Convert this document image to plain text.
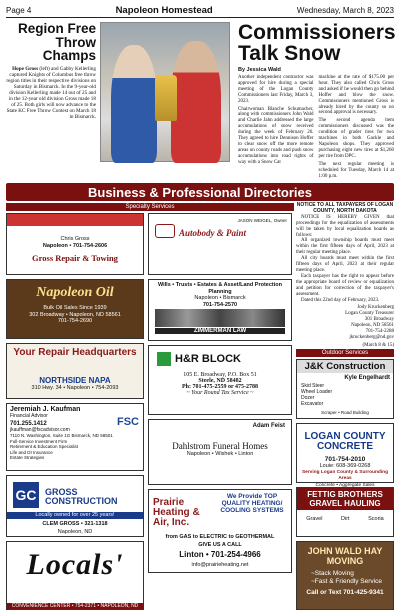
Page 4	Napoleon Homestead	Wednesday, March 8, 2023
Region Free Throw Champs

Hope Gross (left) and Gabby Kellerling captured Knights of Columbus free throw region titles in their respective divisions on Saturday in Bismarck. In the 9-year-old division Kellerling made 14 out of 25 and in the 12-year old division Gross made 18 of 25. Both girls will now advance to the State KC Free Throw Contest on March 18 in Bismarck.

Commissioners Talk Snow
By Jessica Wald

Another independent contractor was approved for hire during a special meeting of the Logan County Commissioners last Friday, March 3, 2023.

Chairwoman Blanche Schumacher, along with commissioners John Wald and Charlie Jahn addressed the large accumulations of snow received during the week of February 26. They agreed to hire Dennison Hoffer to clear snow off the more remote areas on county roads and push snow accumulations into road rights of way with a Snow Cat

machine at the rate of $175.00 per hour. They also called Chris Gross and asked if he would then go behind Hoffer and blow the snow. Commissioners mentioned Gross is already hired by the county so no second approval is necessary.

The second agenda item commissioners discussed was the condition of grader tires for two machines in both Gackle and Napoleon shops. They approved purchasing eight new tires at $1,260 per tire from DPC.

The next regular meeting is scheduled for Tuesday, March 14 at 1:00 p.m.

Business & Professional Directories
Specialty Services
Chris Gross
Napoleon • 701-754-2606
Gross Repair & Towing
Napoleon Oil
Bulk Oil Sales Since 1939
302 Broadway • Napoleon, ND 58561
701-754-2690
Your Repair Headquarters
NORTHSIDE NAPA
310 Hwy. 34 • Napoleon • 754-2093
Jeremiah J. Kaufman
Financial Advisor
701.255.1412
jkauffman@fscadvisor.com
7110 N. Washington, Suite 1G Bismarck, ND 58501
Full-Service Investment Firm
Retirement & Education Specialist
Life and DI Insurance
Estate Strategies
FSC
GC GROSS CONSTRUCTION
Locally owned for over 25 years!
CLEM GROSS • 321-1318
Napoleon, ND
Locals'
CONVENIENCE CENTER • 754-2371 • NAPOLEON, ND
Autobody & Paint
JASON WEIGEL, Owner
Wills • Trusts • Estates & Asset/Land Protection Planning
Napoleon • Bismarck
701-754-2570
ZIMMERMAN LAW
H&R BLOCK
105 E. Broadway, P.O. Box 51
Steele, ND 58482
Ph: 701-475-2559 or 475-2788
~ Your Round Tax Service ~
Adam Feist
Dahlstrom Funeral Homes
Napoleon • Wishek • Linton
We Provide TOP QUALITY HEATING/ COOLING SYSTEMS
Prairie Heating & Air, Inc.
from GAS to ELECTRIC to GEOTHERMAL
GIVE US A CALL
Linton • 701-254-4966
info@prairieheating.net
NOTICE TO ALL TAXPAYERS OF LOGAN COUNTY, NORTH DAKOTA

NOTICE IS HEREBY GIVEN that proceedings for the equalization of assessments will be taken by local equalization boards as follows:

All organized township boards must meet within the first fifteen days of April, 2023 at their regular meeting place.

All city boards must meet within the first fifteen days of April, 2023 at their regular meeting place.

Each taxpayer has the right to appear before the appropriate board of review or equalization and petition for correction of the taxpayer's assessment.

Dated this 22nd day of February, 2023.

Jody Kruckenberg
Logan County Treasurer
301 Broadway
Napoleon, ND 58561
701-754-2288
jkruckenberg@nd.gov
(March 8 & 15)
Outdoor Services
J&K Construction
Kyle Engelhardt
Skid Steer
Wheel Loader
Dozer
Excavator
Scraper • Road Building
LOGAN COUNTY CONCRETE
701-754-2010
Louie: 608-369-0268
Serving Logan County & Surrounding Areas
Concrete • Aggregate Sales
FETTIG BROTHERS GRAVEL HAULING
Gravel	Dirt	Scoria
JOHN WALD HAY MOVING
~Stack Moving
~Fast & Friendly Service
Call or Text 701-425-9341
